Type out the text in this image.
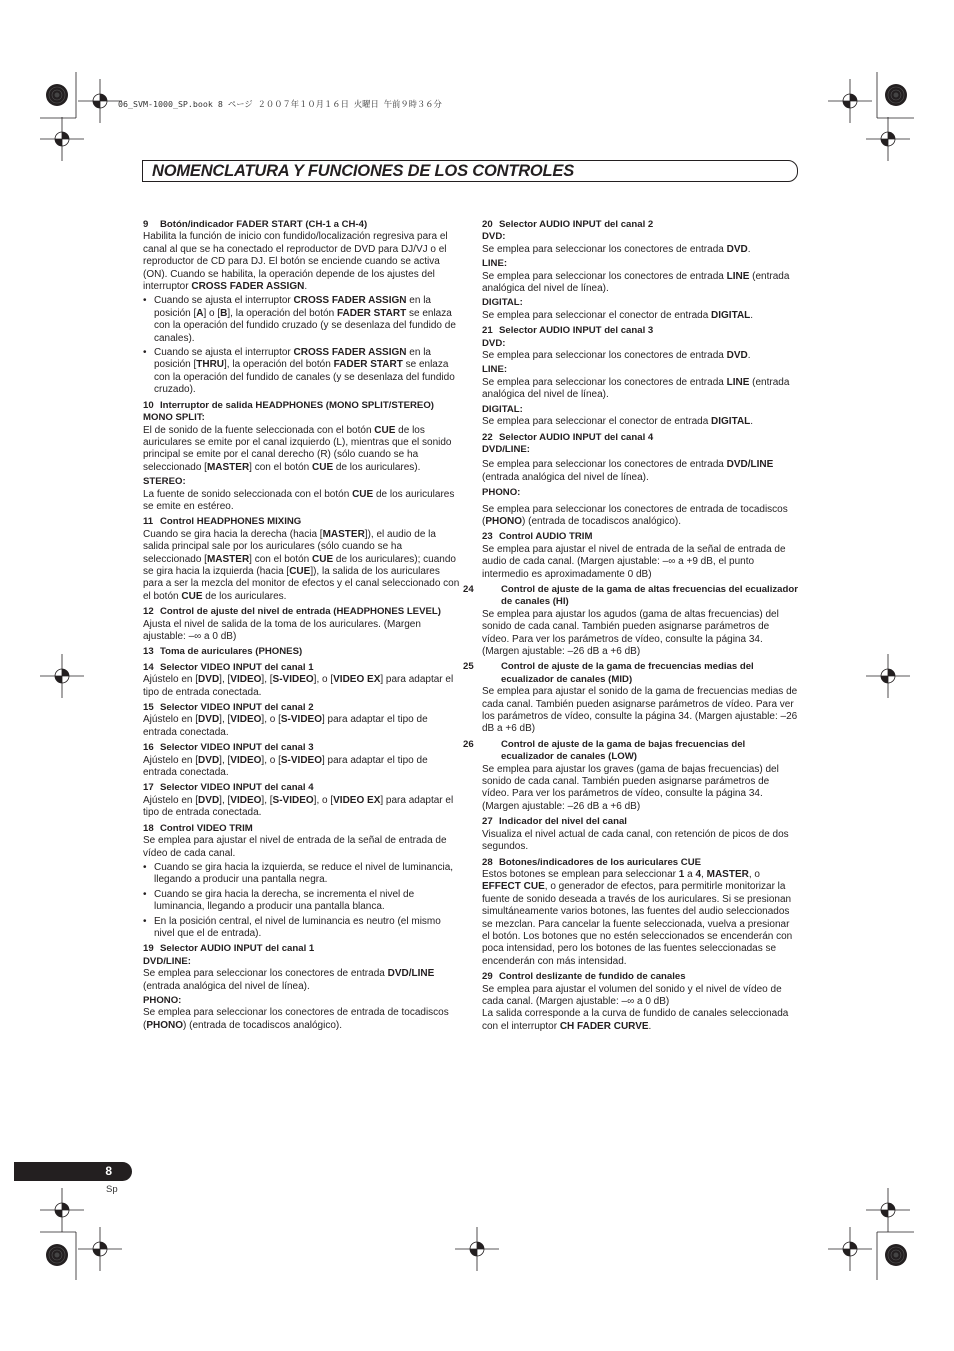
06_SVM-1000_SP.book 8 ページ ２００７年１０月１６日 火曜日 午前９時３６分
NOMENCLATURA Y FUNCIONES DE LOS CONTROLES
9 Botón/indicador FADER START (CH-1 a CH-4)

Habilita la función de inicio con fundido/localización regresiva para el canal al que se ha conectado el reproductor de DVD para DJ/VJ o el reproductor de CD para DJ. El botón se enciende cuando se activa (ON). Cuando se habilita, la operación depende de los ajustes del interruptor CROSS FADER ASSIGN.

• Cuando se ajusta el interruptor CROSS FADER ASSIGN en la posición [A] o [B], la operación del botón FADER START se enlaza con la operación del fundido cruzado (y se desenlaza del fundido de canales).
• Cuando se ajusta el interruptor CROSS FADER ASSIGN en la posición [THRU], la operación del botón FADER START se enlaza con la operación del fundido de canales (y se desenlaza del fundido cruzado).
10 Interruptor de salida HEADPHONES (MONO SPLIT/STEREO)
MONO SPLIT:

El de sonido de la fuente seleccionada con el botón CUE de los auriculares se emite por el canal izquierdo (L), mientras que el sonido principal se emite por el canal derecho (R) (sólo cuando se ha seleccionado [MASTER] con el botón CUE de los auriculares).

STEREO:

La fuente de sonido seleccionada con el botón CUE de los auriculares se emite en estéreo.

11 Control HEADPHONES MIXING

Cuando se gira hacia la derecha (hacia [MASTER]), el audio de la salida principal sale por los auriculares (sólo cuando se ha seleccionado [MASTER] con el botón CUE de los auriculares); cuando se gira hacia la izquierda (hacia [CUE]), la salida de los auriculares para a ser la mezcla del monitor de efectos y el canal seleccionado con el botón CUE de los auriculares.

12 Control de ajuste del nivel de entrada (HEADPHONES LEVEL)

Ajusta el nivel de salida de la toma de los auriculares. (Margen ajustable: –∞ a 0 dB)

13 Toma de auriculares (PHONES)
14 Selector VIDEO INPUT del canal 1

Ajústelo en [DVD], [VIDEO], [S-VIDEO], o [VIDEO EX] para adaptar el tipo de entrada conectada.

15 Selector VIDEO INPUT del canal 2

Ajústelo en [DVD], [VIDEO], o [S-VIDEO] para adaptar el tipo de entrada conectada.

16 Selector VIDEO INPUT del canal 3

Ajústelo en [DVD], [VIDEO], o [S-VIDEO] para adaptar el tipo de entrada conectada.

17 Selector VIDEO INPUT del canal 4

Ajústelo en [DVD], [VIDEO], [S-VIDEO], o [VIDEO EX] para adaptar el tipo de entrada conectada.

18 Control VIDEO TRIM

Se emplea para ajustar el nivel de entrada de la señal de entrada de vídeo de cada canal.

• Cuando se gira hacia la izquierda, se reduce el nivel de luminancia, llegando a producir una pantalla negra.
• Cuando se gira hacia la derecha, se incrementa el nivel de luminancia, llegando a producir una pantalla blanca.
• En la posición central, el nivel de luminancia es neutro (el mismo nivel que el de entrada).
19 Selector AUDIO INPUT del canal 1
DVD/LINE:

Se emplea para seleccionar los conectores de entrada DVD/LINE (entrada analógica del nivel de línea).

PHONO:

Se emplea para seleccionar los conectores de entrada de tocadiscos (PHONO) (entrada de tocadiscos analógico).

20 Selector AUDIO INPUT del canal 2
DVD:

Se emplea para seleccionar los conectores de entrada DVD.

LINE:

Se emplea para seleccionar los conectores de entrada LINE (entrada analógica del nivel de línea).

DIGITAL:

Se emplea para seleccionar el conector de entrada DIGITAL.

21 Selector AUDIO INPUT del canal 3
DVD:

Se emplea para seleccionar los conectores de entrada DVD.

LINE:

Se emplea para seleccionar los conectores de entrada LINE (entrada analógica del nivel de línea).

DIGITAL:

Se emplea para seleccionar el conector de entrada DIGITAL.

22 Selector AUDIO INPUT del canal 4
DVD/LINE:

Se emplea para seleccionar los conectores de entrada DVD/LINE (entrada analógica del nivel de línea).

PHONO:

Se emplea para seleccionar los conectores de entrada de tocadiscos (PHONO) (entrada de tocadiscos analógico).

23 Control AUDIO TRIM

Se emplea para ajustar el nivel de entrada de la señal de entrada de audio de cada canal. (Margen ajustable: –∞ a +9 dB, el punto intermedio es aproximadamente 0 dB)

24	Control de ajuste de la gama de altas frecuencias del ecualizador de canales (HI)

Se emplea para ajustar los agudos (gama de altas frecuencias) del sonido de cada canal. También pueden asignarse parámetros de vídeo. Para ver los parámetros de vídeo, consulte la página 34. (Margen ajustable: –26 dB a +6 dB)

25	Control de ajuste de la gama de frecuencias medias del ecualizador de canales (MID)

Se emplea para ajustar el sonido de la gama de frecuencias medias de cada canal. También pueden asignarse parámetros de vídeo. Para ver los parámetros de vídeo, consulte la página 34. (Margen ajustable: –26 dB a +6 dB)

26	Control de ajuste de la gama de bajas frecuencias del ecualizador de canales (LOW)

Se emplea para ajustar los graves (gama de bajas frecuencias) del sonido de cada canal. También pueden asignarse parámetros de vídeo. Para ver los parámetros de vídeo, consulte la página 34. (Margen ajustable: –26 dB a +6 dB)

27 Indicador del nivel del canal

Visualiza el nivel actual de cada canal, con retención de picos de dos segundos.

28 Botones/indicadores de los auriculares CUE

Estos botones se emplean para seleccionar 1 a 4, MASTER, o EFFECT CUE, o generador de efectos, para permitirle monitorizar la fuente de sonido deseada a través de los auriculares. Si se presionan simultáneamente varios botones, las fuentes del audio seleccionados se mezclan. Para cancelar la fuente seleccionada, vuelva a presionar el botón. Los botones que no estén seleccionados se encenderán con poca intensidad, pero los botones de las fuentes seleccionadas se encenderán con más intensidad.

29 Control deslizante de fundido de canales

Se emplea para ajustar el volumen del sonido y el nivel de vídeo de cada canal. (Margen ajustable: –∞ a 0 dB)

La salida corresponde a la curva de fundido de canales seleccionada con el interruptor CH FADER CURVE.

8
Sp
